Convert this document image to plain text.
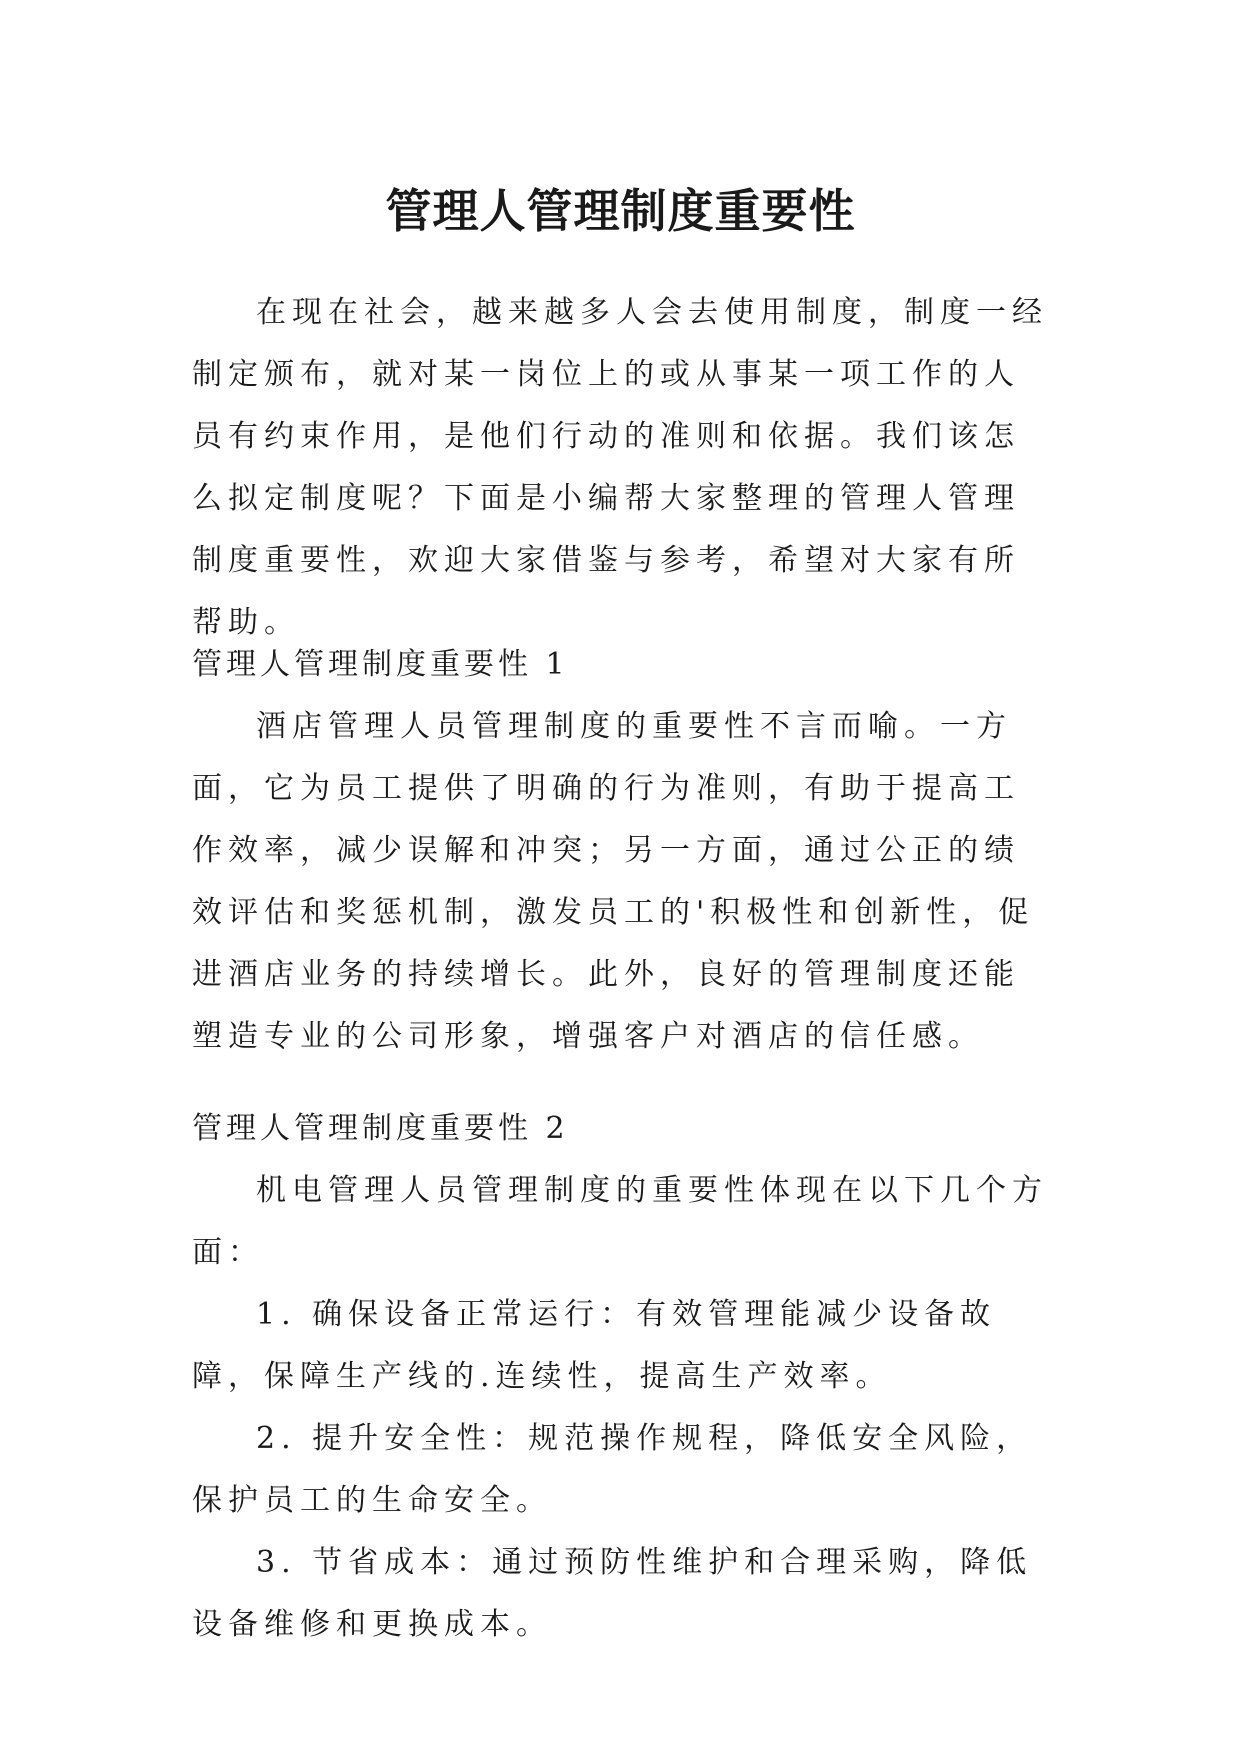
管理人管理制度重要性

在现在社会，越来越多人会去使用制度，制度一经制定颁布，就对某一岗位上的或从事某一项工作的人员有约束作用，是他们行动的准则和依据。我们该怎么拟定制度呢？下面是小编帮大家整理的管理人管理制度重要性，欢迎大家借鉴与参考，希望对大家有所帮助。

管理人管理制度重要性 1

酒店管理人员管理制度的重要性不言而喻。一方面，它为员工提供了明确的行为准则，有助于提高工作效率，减少误解和冲突；另一方面，通过公正的绩效评估和奖惩机制，激发员工的'积极性和创新性，促进酒店业务的持续增长。此外，良好的管理制度还能塑造专业的公司形象，增强客户对酒店的信任感。

管理人管理制度重要性 2

机电管理人员管理制度的重要性体现在以下几个方面：

1. 确保设备正常运行：有效管理能减少设备故障，保障生产线的.连续性，提高生产效率。

2. 提升安全性：规范操作规程，降低安全风险，保护员工的生命安全。

3. 节省成本：通过预防性维护和合理采购，降低设备维修和更换成本。
